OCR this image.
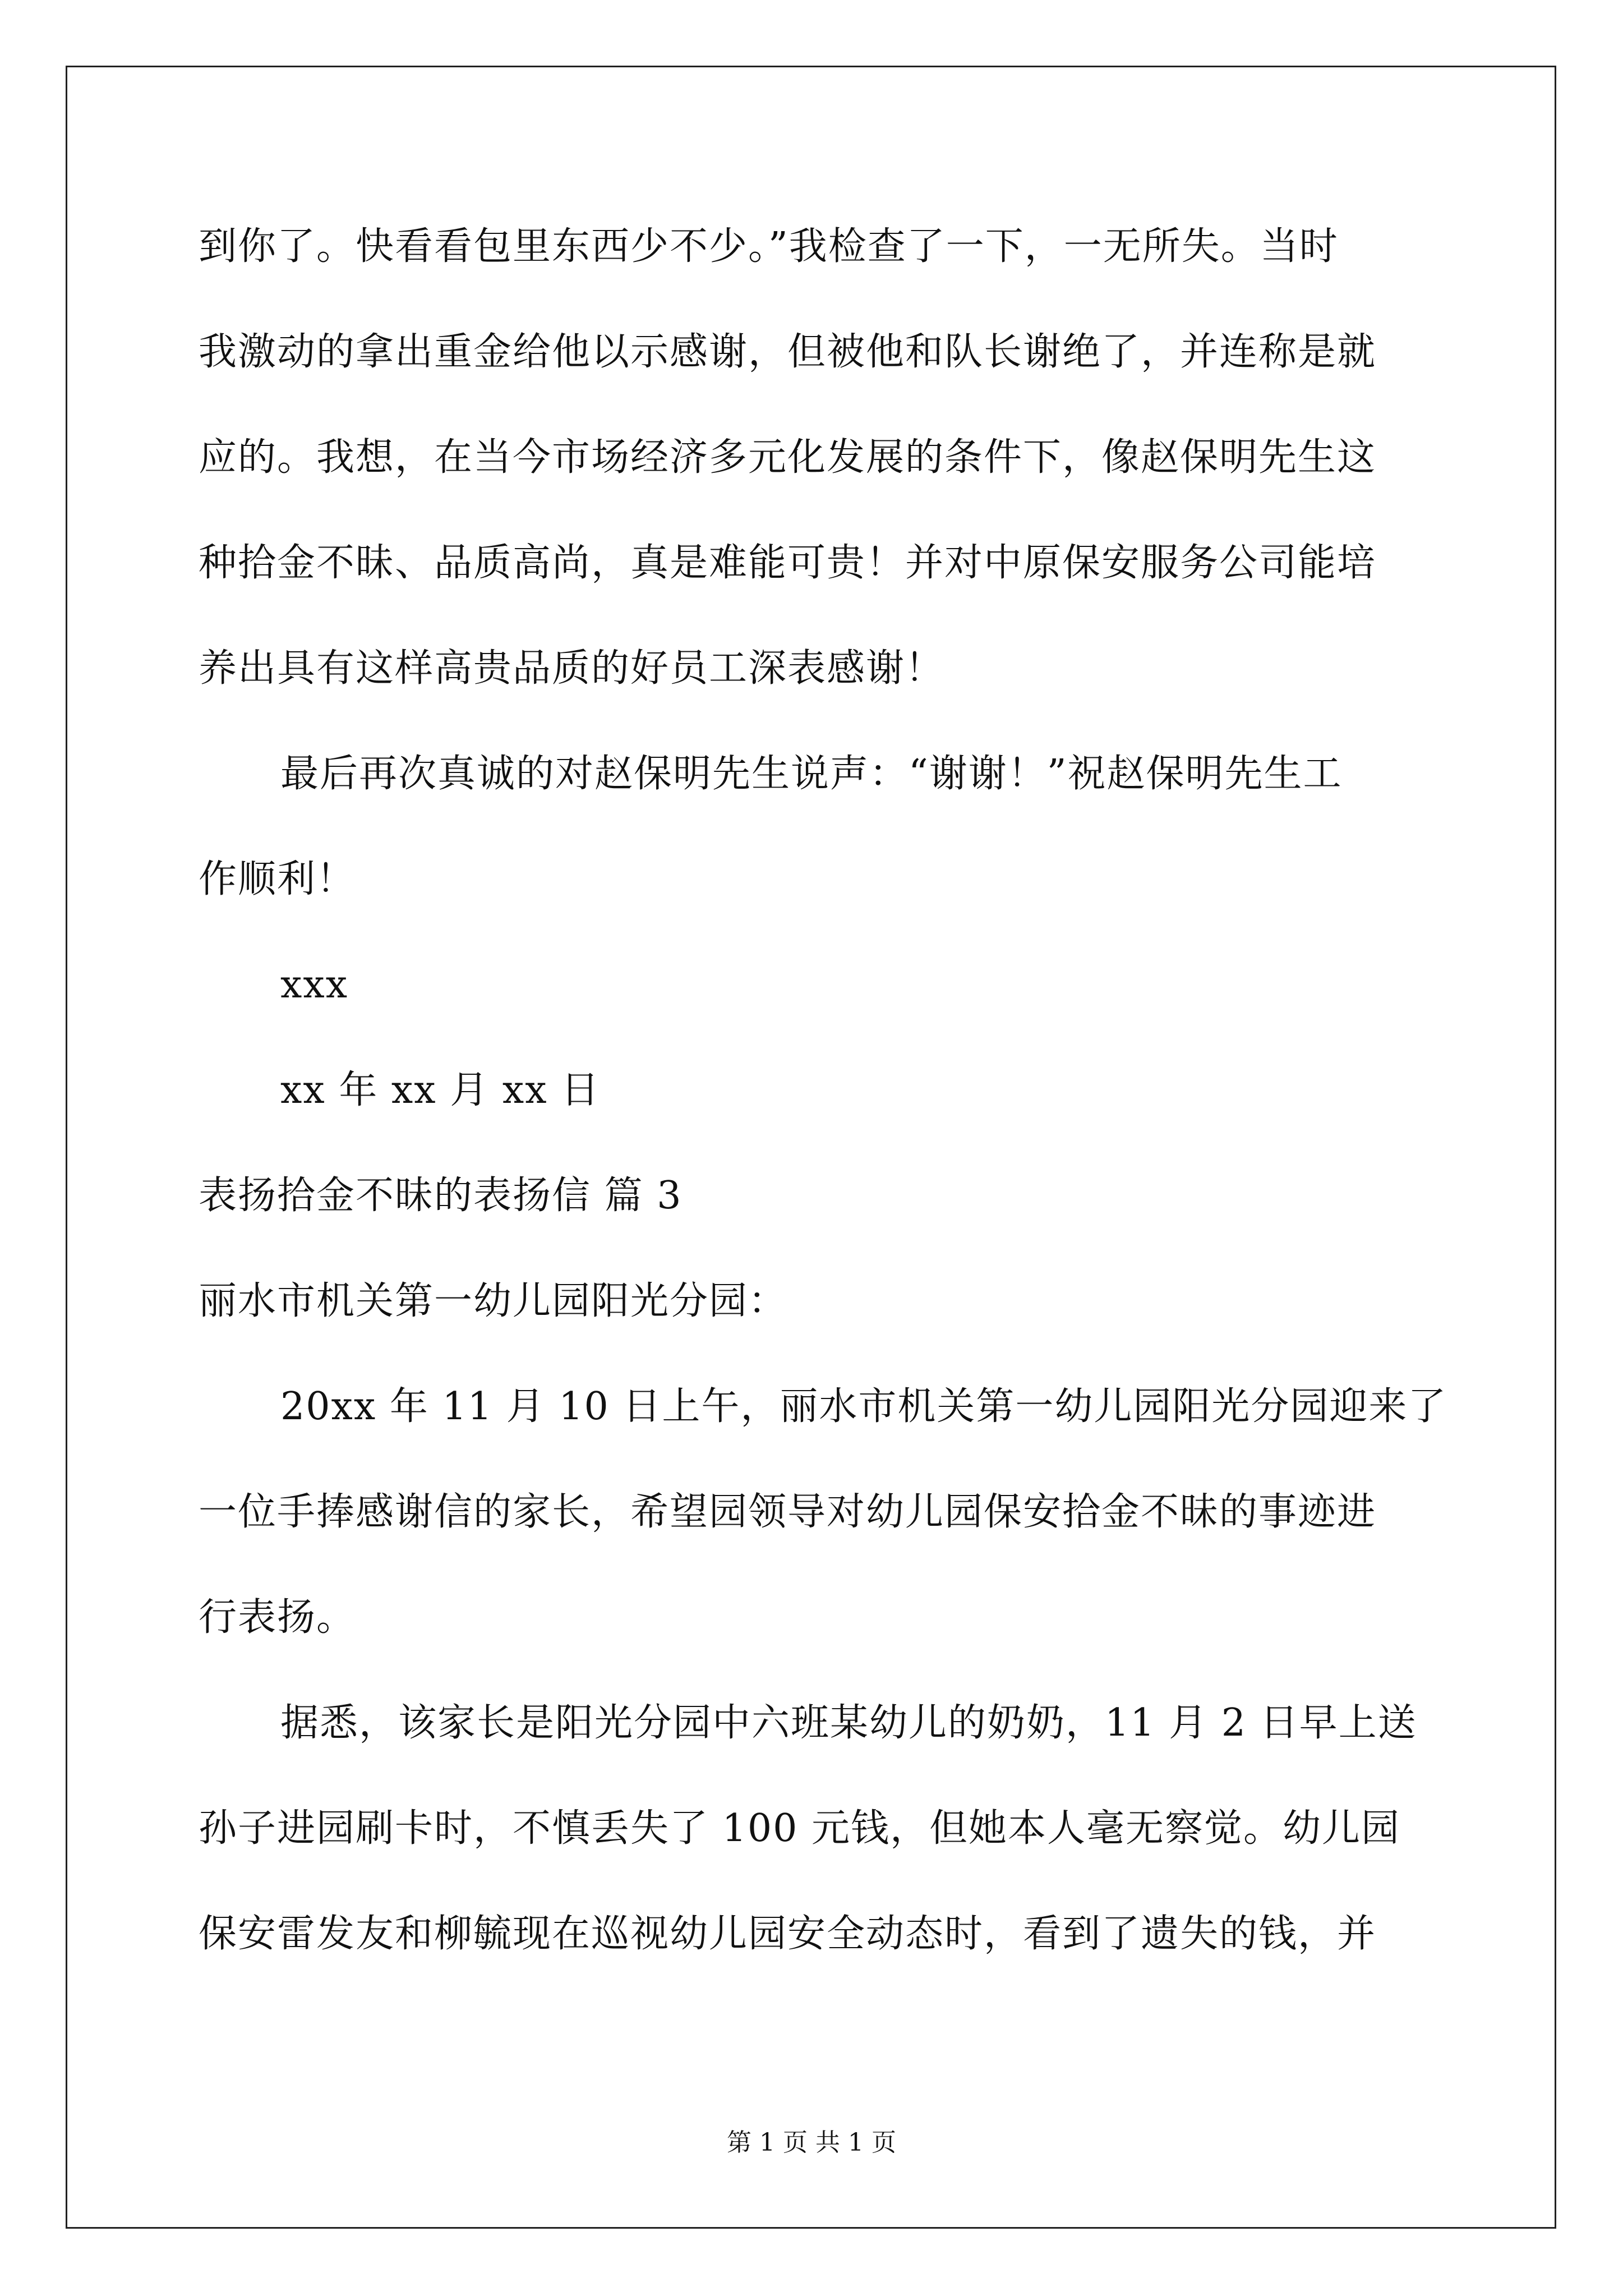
到你了。快看看包里东西少不少。”我检查了一下，一无所失。当时
我激动的拿出重金给他以示感谢，但被他和队长谢绝了，并连称是就
应的。我想，在当今市场经济多元化发展的条件下，像赵保明先生这
种拾金不昧、品质高尚，真是难能可贵！并对中原保安服务公司能培
养出具有这样高贵品质的好员工深表感谢！
最后再次真诚的对赵保明先生说声：“谢谢！”祝赵保明先生工
作顺利！
xxx
xx 年 xx 月 xx 日
表扬拾金不昧的表扬信 篇 3
丽水市机关第一幼儿园阳光分园：
20xx 年 11 月 10 日上午，丽水市机关第一幼儿园阳光分园迎来了
一位手捧感谢信的家长，希望园领导对幼儿园保安拾金不昧的事迹进
行表扬。
据悉，该家长是阳光分园中六班某幼儿的奶奶，11 月 2 日早上送
孙子进园刷卡时，不慎丢失了 100 元钱，但她本人毫无察觉。幼儿园
保安雷发友和柳毓现在巡视幼儿园安全动态时，看到了遗失的钱，并
第 1 页 共 1 页
